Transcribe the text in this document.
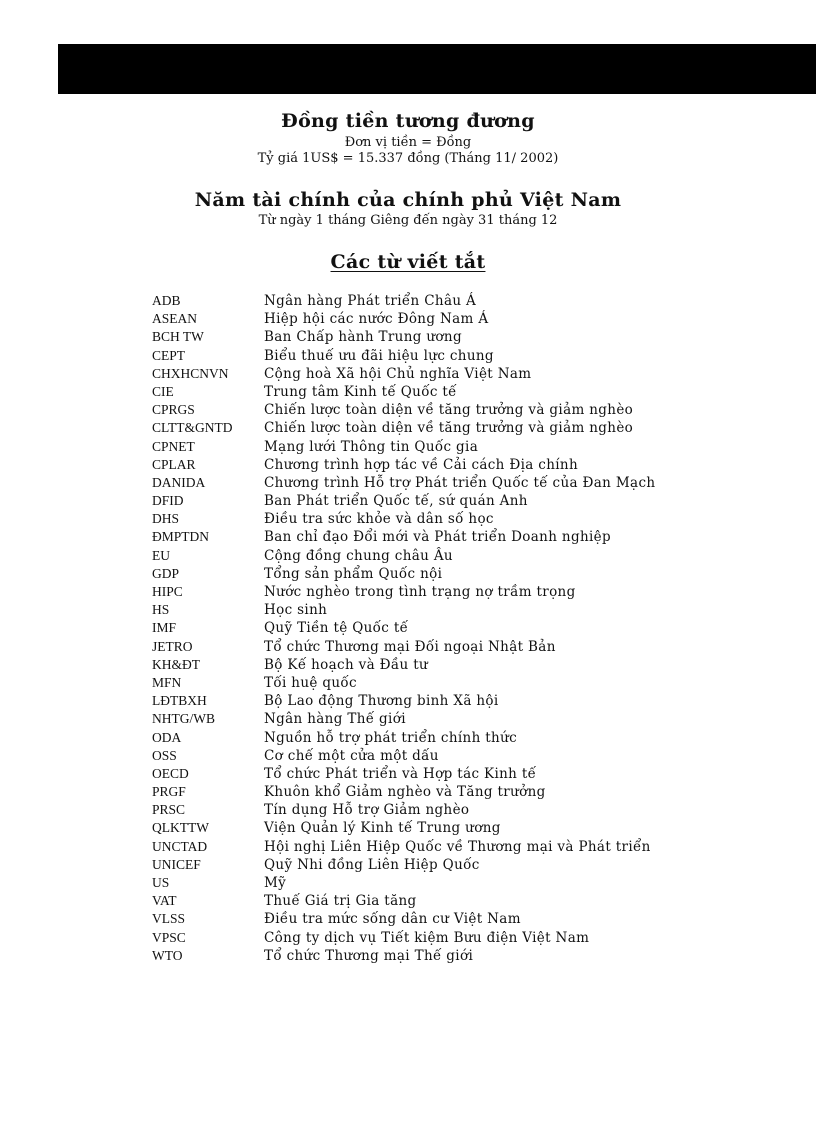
Đồng tiền tương đương
Đơn vị tiền = Đồng
Tỷ giá 1US$ = 15.337 đồng (Tháng 11/ 2002)
Năm tài chính của chính phủ Việt Nam
Từ ngày 1 tháng Giêng đến ngày 31 tháng 12
Các từ viết tắt
ADB	Ngân hàng Phát triển Châu Á
ASEAN	Hiệp hội các nước Đông Nam Á
BCH TW	Ban Chấp hành Trung ương
CEPT	Biểu thuế ưu đãi hiệu lực chung
CHXHCNVN	Cộng hoà Xã hội Chủ nghĩa Việt Nam
CIE	Trung tâm Kinh tế Quốc tế
CPRGS	Chiến lược toàn diện về tăng trưởng và giảm nghèo
CLTT&GNTD	Chiến lược toàn diện về tăng trưởng và giảm nghèo
CPNET	Mạng lưới Thông tin Quốc gia
CPLAR	Chương trình hợp tác về Cải cách Địa chính
DANIDA	Chương trình Hỗ trợ Phát triển Quốc tế của Đan Mạch
DFID	Ban Phát triển Quốc tế, sứ quán Anh
DHS	Điều tra sức khỏe và dân số học
ĐMPTDN	Ban chỉ đạo Đổi mới và Phát triển Doanh nghiệp
EU	Cộng đồng chung châu Âu
GDP	Tổng sản phẩm Quốc nội
HIPC	Nước nghèo trong tình trạng nợ trầm trọng
HS	Học sinh
IMF	Quỹ Tiền tệ Quốc tế
JETRO	Tổ chức Thương mại Đối ngoại Nhật Bản
KH&ĐT	Bộ Kế hoạch và Đầu tư
MFN	Tối huệ quốc
LĐTBXH	Bộ Lao động Thương binh Xã hội
NHTG/WB	Ngân hàng Thế giới
ODA	Nguồn hỗ trợ phát triển chính thức
OSS	Cơ chế một cửa một dấu
OECD	Tổ chức Phát triển và Hợp tác Kinh tế
PRGF	Khuôn khổ Giảm nghèo và Tăng trưởng
PRSC	Tín dụng Hỗ trợ Giảm nghèo
QLKTTW	Viện Quản lý Kinh tế Trung ương
UNCTAD	Hội nghị Liên Hiệp Quốc về Thương mại và Phát triển
UNICEF	Quỹ Nhi đồng Liên Hiệp Quốc
US	Mỹ
VAT	Thuế Giá trị Gia tăng
VLSS	Điều tra mức sống dân cư Việt Nam
VPSC	Công ty dịch vụ Tiết kiệm Bưu điện Việt Nam
WTO	Tổ chức Thương mại Thế giới
